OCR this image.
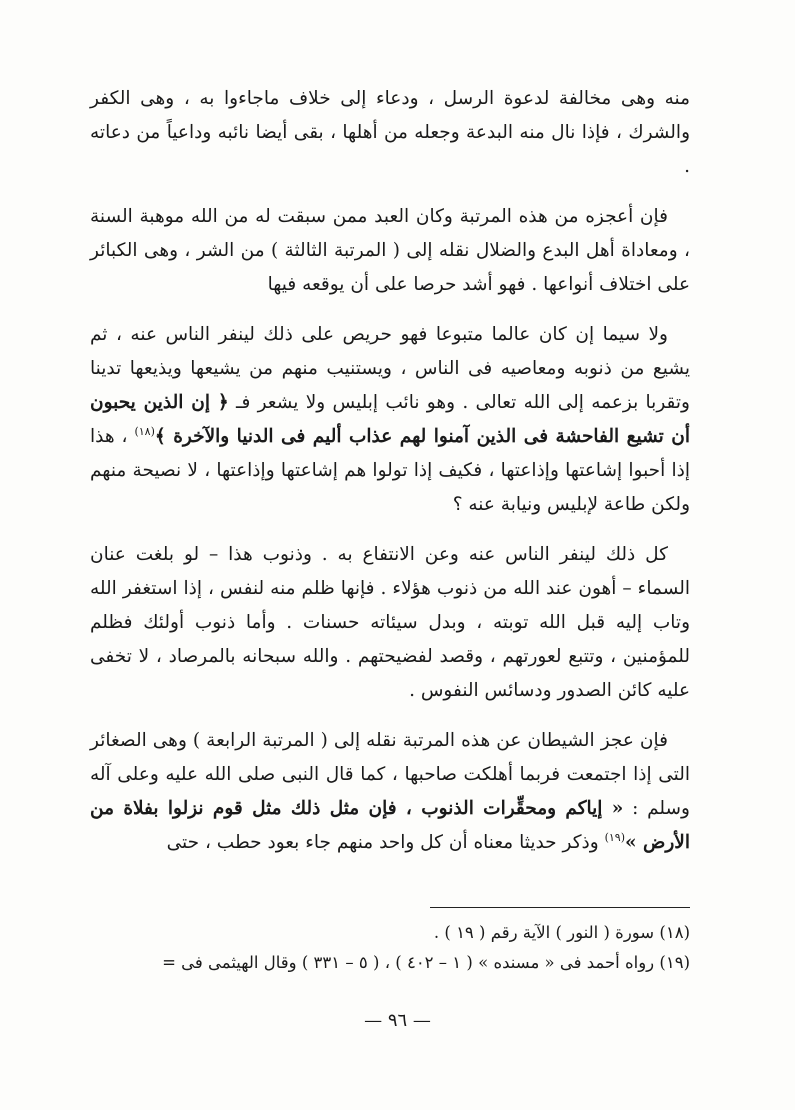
منه وهى مخالفة لدعوة الرسل ، ودعاء إلى خلاف ماجاءوا به ، وهى الكفر والشرك ، فإذا نال منه البدعة وجعله من أهلها ، بقى أيضا نائبه وداعياً من دعاته .

فإن أعجزه من هذه المرتبة وكان العبد ممن سبقت له من الله موهبة السنة ، ومعاداة أهل البدع والضلال نقله إلى ( المرتبة الثالثة ) من الشر ، وهى الكبائر على اختلاف أنواعها . فهو أشد حرصا على أن يوقعه فيها

ولا سيما إن كان عالما متبوعا فهو حريص على ذلك لينفر الناس عنه ، ثم يشيع من ذنوبه ومعاصيه فى الناس ، ويستنيب منهم من يشيعها ويذيعها تدينا وتقربا بزعمه إلى الله تعالى . وهو نائب إبليس ولا يشعر فـ ﴿ إن الذين يحبون أن تشيع الفاحشة فى الذين آمنوا لهم عذاب أليم فى الدنيا والآخرة ﴾$^{(١٨)}$ ، هذا إذا أحبوا إشاعتها وإذاعتها ، فكيف إذا تولوا هم إشاعتها وإذاعتها ، لا نصيحة منهم ولكن طاعة لإبليس ونيابة عنه ؟

كل ذلك لينفر الناس عنه وعن الانتفاع به . وذنوب هذا – لو بلغت عنان السماء – أهون عند الله من ذنوب هؤلاء . فإنها ظلم منه لنفس ، إذا استغفر الله وتاب إليه قبل الله توبته ، وبدل سيئاته حسنات . وأما ذنوب أولئك فظلم للمؤمنين ، وتتبع لعورتهم ، وقصد لفضيحتهم . والله سبحانه بالمرصاد ، لا تخفى عليه كائن الصدور ودسائس النفوس .

فإن عجز الشيطان عن هذه المرتبة نقله إلى ( المرتبة الرابعة ) وهى الصغائر التى إذا اجتمعت فربما أهلكت صاحبها ، كما قال النبى صلى الله عليه وعلى آله وسلم : « إياكم ومحقِّرات الذنوب ، فإن مثل ذلك مثل قوم نزلوا بفلاة من الأرض »$^{(١٩)}$ وذكر حديثا معناه أن كل واحد منهم جاء بعود حطب ، حتى

(١٨) سورة ( النور ) الآية رقم ( ١٩ ) .

(١٩) رواه أحمد فى « مسنده » ( ١ – ٤٠٢ ) ، ( ٥ – ٣٣١ ) وقال الهيثمى فى =

— ٩٦ —
